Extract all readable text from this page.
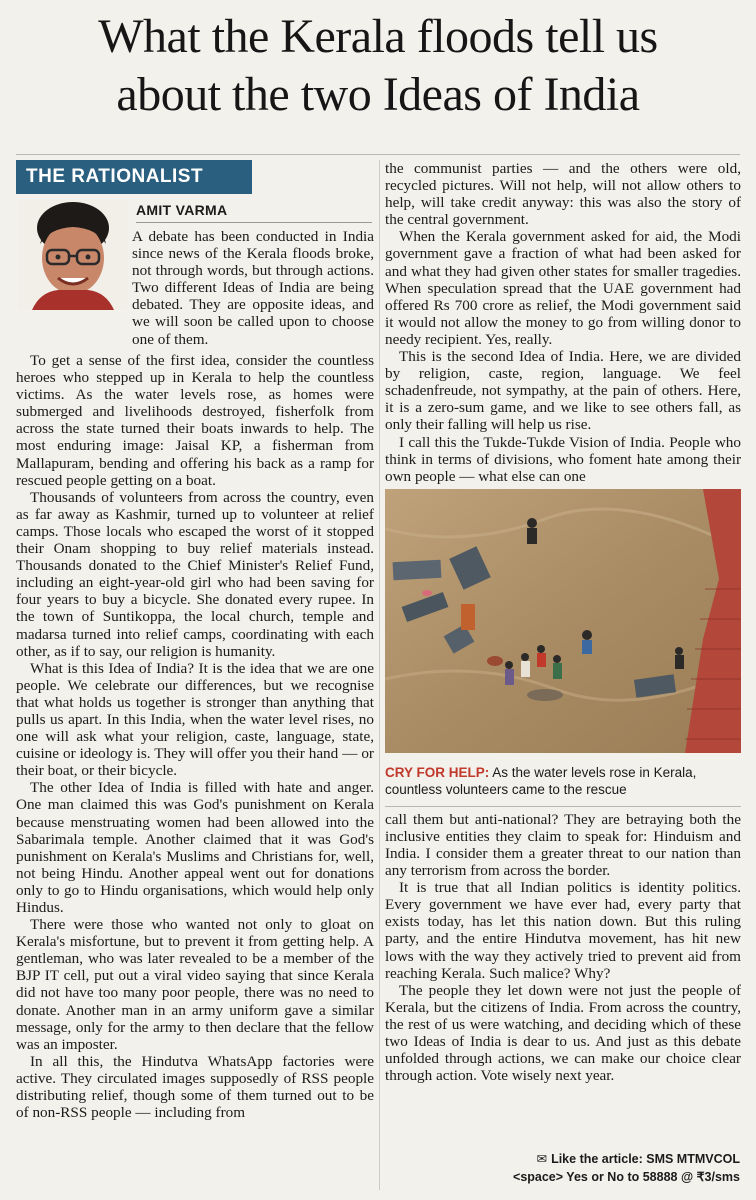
What the Kerala floods tell us
about the two Ideas of India
THE RATIONALIST
AMIT VARMA
A debate has been conducted in India since news of the Kerala floods broke, not through words, but through actions. Two different Ideas of India are being debated. They are opposite ideas, and we will soon be called upon to choose one of them.

To get a sense of the first idea, consider the countless heroes who stepped up in Kerala to help the countless victims. As the water levels rose, as homes were submerged and livelihoods destroyed, fisherfolk from across the state turned their boats inwards to help. The most enduring image: Jaisal KP, a fisherman from Mallapuram, bending and offering his back as a ramp for rescued people getting on a boat.

Thousands of volunteers from across the country, even as far away as Kashmir, turned up to volunteer at relief camps. Those locals who escaped the worst of it stopped their Onam shopping to buy relief materials instead. Thousands donated to the Chief Minister's Relief Fund, including an eight-year-old girl who had been saving for four years to buy a bicycle. She donated every rupee. In the town of Suntikoppa, the local church, temple and madarsa turned into relief camps, coordinating with each other, as if to say, our religion is humanity.

What is this Idea of India? It is the idea that we are one people. We celebrate our differences, but we recognise that what holds us together is stronger than anything that pulls us apart. In this India, when the water level rises, no one will ask what your religion, caste, language, state, cuisine or ideology is. They will offer you their hand — or their boat, or their bicycle.

The other Idea of India is filled with hate and anger. One man claimed this was God's punishment on Kerala because menstruating women had been allowed into the Sabarimala temple. Another claimed that it was God's punishment on Kerala's Muslims and Christians for, well, not being Hindu. Another appeal went out for donations only to go to Hindu organisations, which would help only Hindus.

There were those who wanted not only to gloat on Kerala's misfortune, but to prevent it from getting help. A gentleman, who was later revealed to be a member of the BJP IT cell, put out a viral video saying that since Kerala did not have too many poor people, there was no need to donate. Another man in an army uniform gave a similar message, only for the army to then declare that the fellow was an imposter.

In all this, the Hindutva WhatsApp factories were active. They circulated images supposedly of RSS people distributing relief, though some of them turned out to be of non-RSS people — including from

the communist parties — and the others were old, recycled pictures. Will not help, will not allow others to help, will take credit anyway: this was also the story of the central government.

When the Kerala government asked for aid, the Modi government gave a fraction of what had been asked for and what they had given other states for smaller tragedies. When speculation spread that the UAE government had offered Rs 700 crore as relief, the Modi government said it would not allow the money to go from willing donor to needy recipient. Yes, really.

This is the second Idea of India. Here, we are divided by religion, caste, region, language. We feel schadenfreude, not sympathy, at the pain of others. Here, it is a zero-sum game, and we like to see others fall, as only their falling will help us rise.

I call this the Tukde-Tukde Vision of India. People who think in terms of divisions, who foment hate among their own people — what else can one

CRY FOR HELP: As the water levels rose in Kerala, countless volunteers came to the rescue

call them but anti-national? They are betraying both the inclusive entities they claim to speak for: Hinduism and India. I consider them a greater threat to our nation than any terrorism from across the border.

It is true that all Indian politics is identity politics. Every government we have ever had, every party that exists today, has let this nation down. But this ruling party, and the entire Hindutva movement, has hit new lows with the way they actively tried to prevent aid from reaching Kerala. Such malice? Why?

The people they let down were not just the people of Kerala, but the citizens of India. From across the country, the rest of us were watching, and deciding which of these two Ideas of India is dear to us. And just as this debate unfolded through actions, we can make our choice clear through action. Vote wisely next year.

✉ Like the article: SMS MTMVCOL
<space> Yes or No to 58888 @ ₹3/sms
